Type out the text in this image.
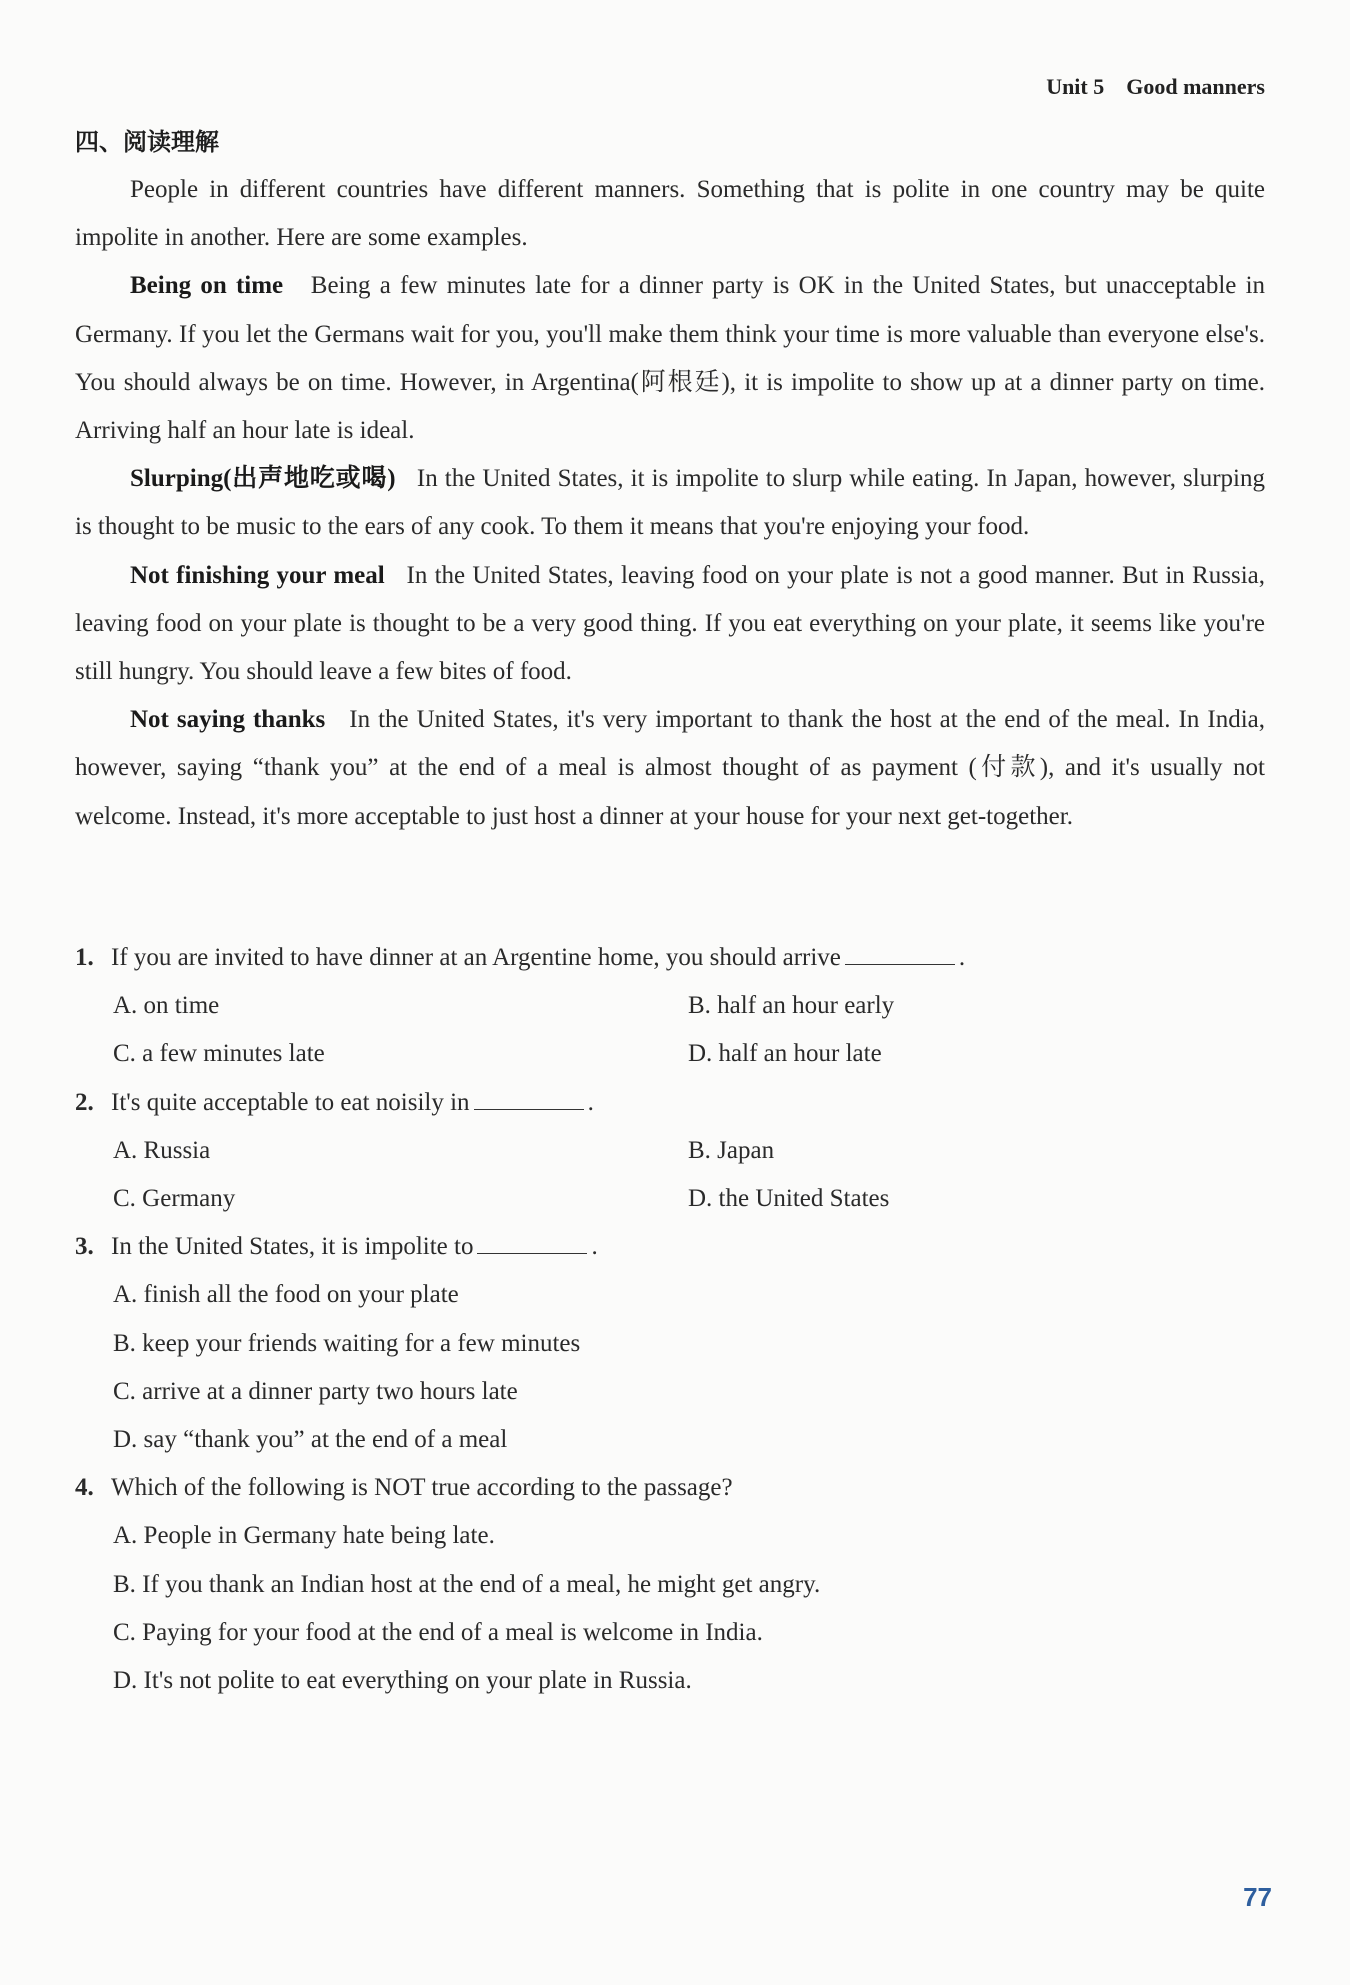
Unit 5 Good manners
四、阅读理解

People in different countries have different manners. Something that is polite in one country may be quite impolite in another. Here are some examples.

Being on time Being a few minutes late for a dinner party is OK in the United States, but unacceptable in Germany. If you let the Germans wait for you, you'll make them think your time is more valuable than everyone else's. You should always be on time. However, in Argentina(阿根廷), it is impolite to show up at a dinner party on time. Arriving half an hour late is ideal.

Slurping(出声地吃或喝) In the United States, it is impolite to slurp while eating. In Japan, however, slurping is thought to be music to the ears of any cook. To them it means that you're enjoying your food.

Not finishing your meal In the United States, leaving food on your plate is not a good manner. But in Russia, leaving food on your plate is thought to be a very good thing. If you eat everything on your plate, it seems like you're still hungry. You should leave a few bites of food.

Not saying thanks In the United States, it's very important to thank the host at the end of the meal. In India, however, saying “thank you” at the end of a meal is almost thought of as payment (付款), and it's usually not welcome. Instead, it's more acceptable to just host a dinner at your house for your next get-together.

1. If you are invited to have dinner at an Argentine home, you should arrive	.
A. on time	B. half an hour early
C. a few minutes late	D. half an hour late
2. It's quite acceptable to eat noisily in	.
A. Russia	B. Japan
C. Germany	D. the United States
3. In the United States, it is impolite to	.
A. finish all the food on your plate
B. keep your friends waiting for a few minutes
C. arrive at a dinner party two hours late
D. say “thank you” at the end of a meal
4. Which of the following is NOT true according to the passage?
A. People in Germany hate being late.
B. If you thank an Indian host at the end of a meal, he might get angry.
C. Paying for your food at the end of a meal is welcome in India.
D. It's not polite to eat everything on your plate in Russia.
77
